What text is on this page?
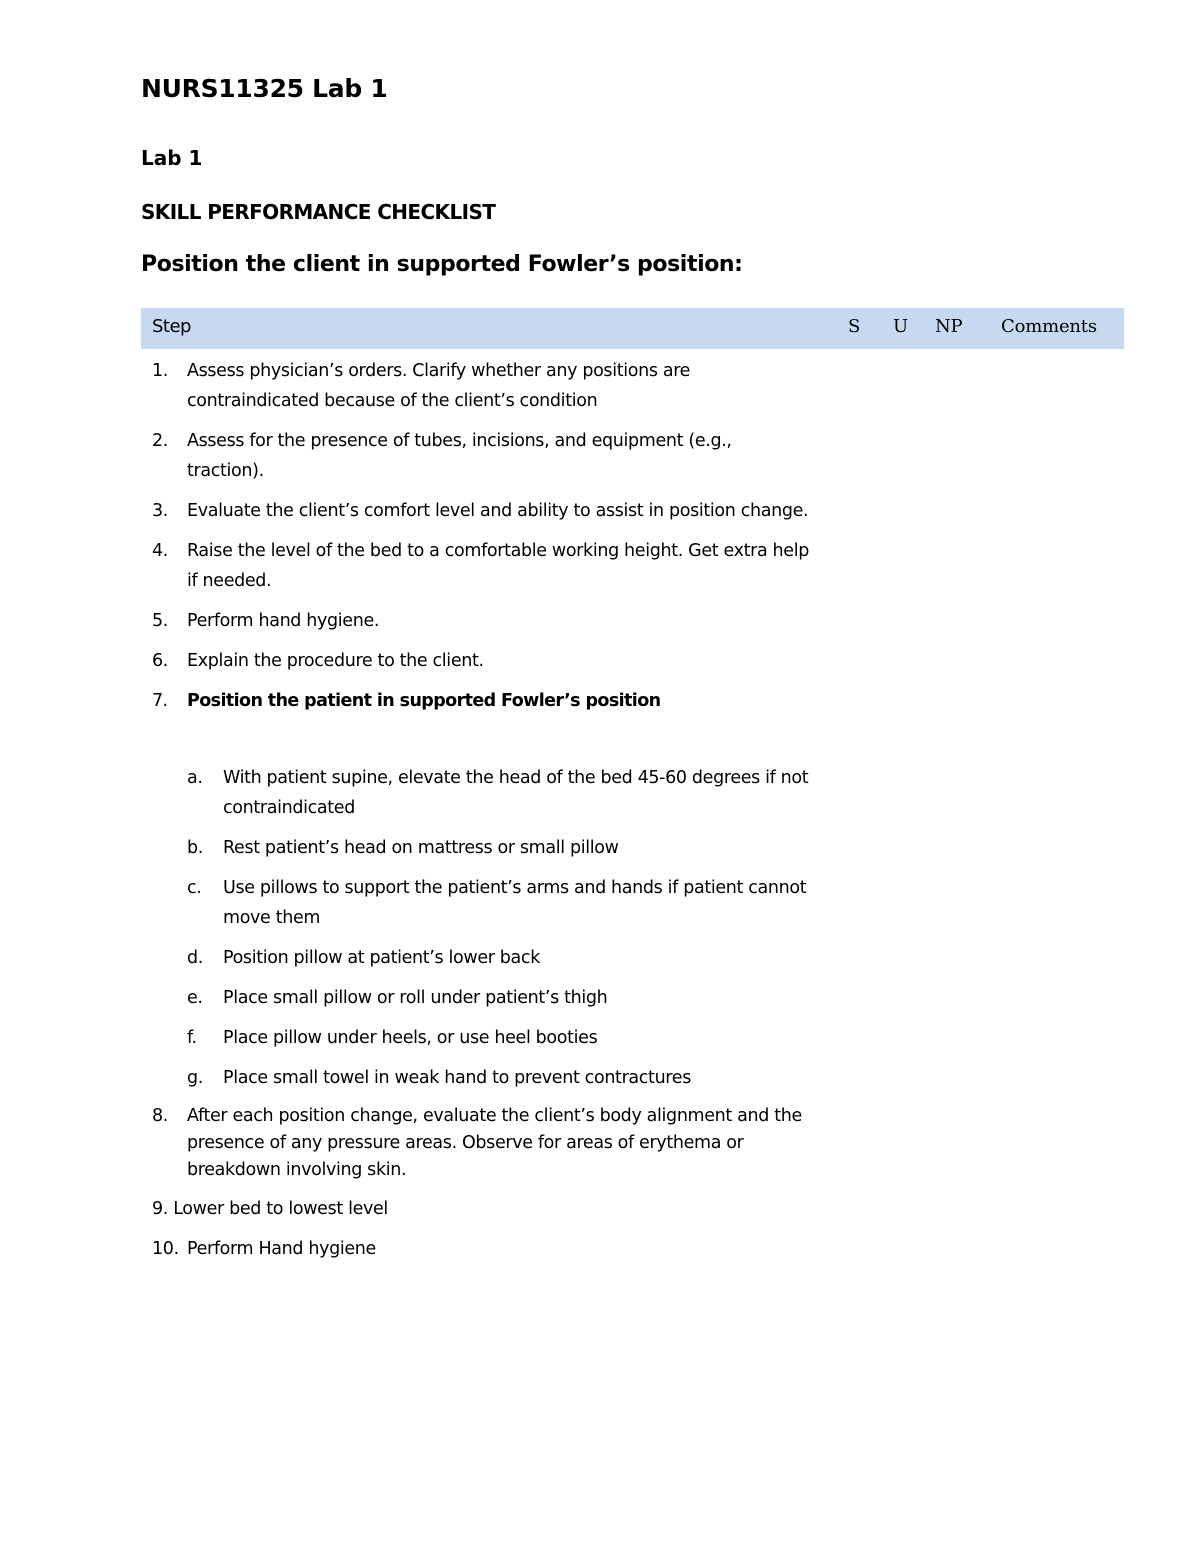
NURS11325 Lab 1
Lab 1
SKILL PERFORMANCE CHECKLIST
Position the client in supported Fowler’s position:
Step	S U NP Comments
1. Assess physician’s orders. Clarify whether any positions are contraindicated because of the client’s condition
2. Assess for the presence of tubes, incisions, and equipment (e.g., traction).
3. Evaluate the client’s comfort level and ability to assist in position change.
4. Raise the level of the bed to a comfortable working height. Get extra help if needed.
5. Perform hand hygiene.
6. Explain the procedure to the client.
7. Position the patient in supported Fowler’s position
a. With patient supine, elevate the head of the bed 45-60 degrees if not contraindicated
b. Rest patient’s head on mattress or small pillow
c. Use pillows to support the patient’s arms and hands if patient cannot move them
d. Position pillow at patient’s lower back
e. Place small pillow or roll under patient’s thigh
f. Place pillow under heels, or use heel booties
g. Place small towel in weak hand to prevent contractures
8. After each position change, evaluate the client’s body alignment and the presence of any pressure areas. Observe for areas of erythema or breakdown involving skin.
9. Lower bed to lowest level
10. Perform Hand hygiene
